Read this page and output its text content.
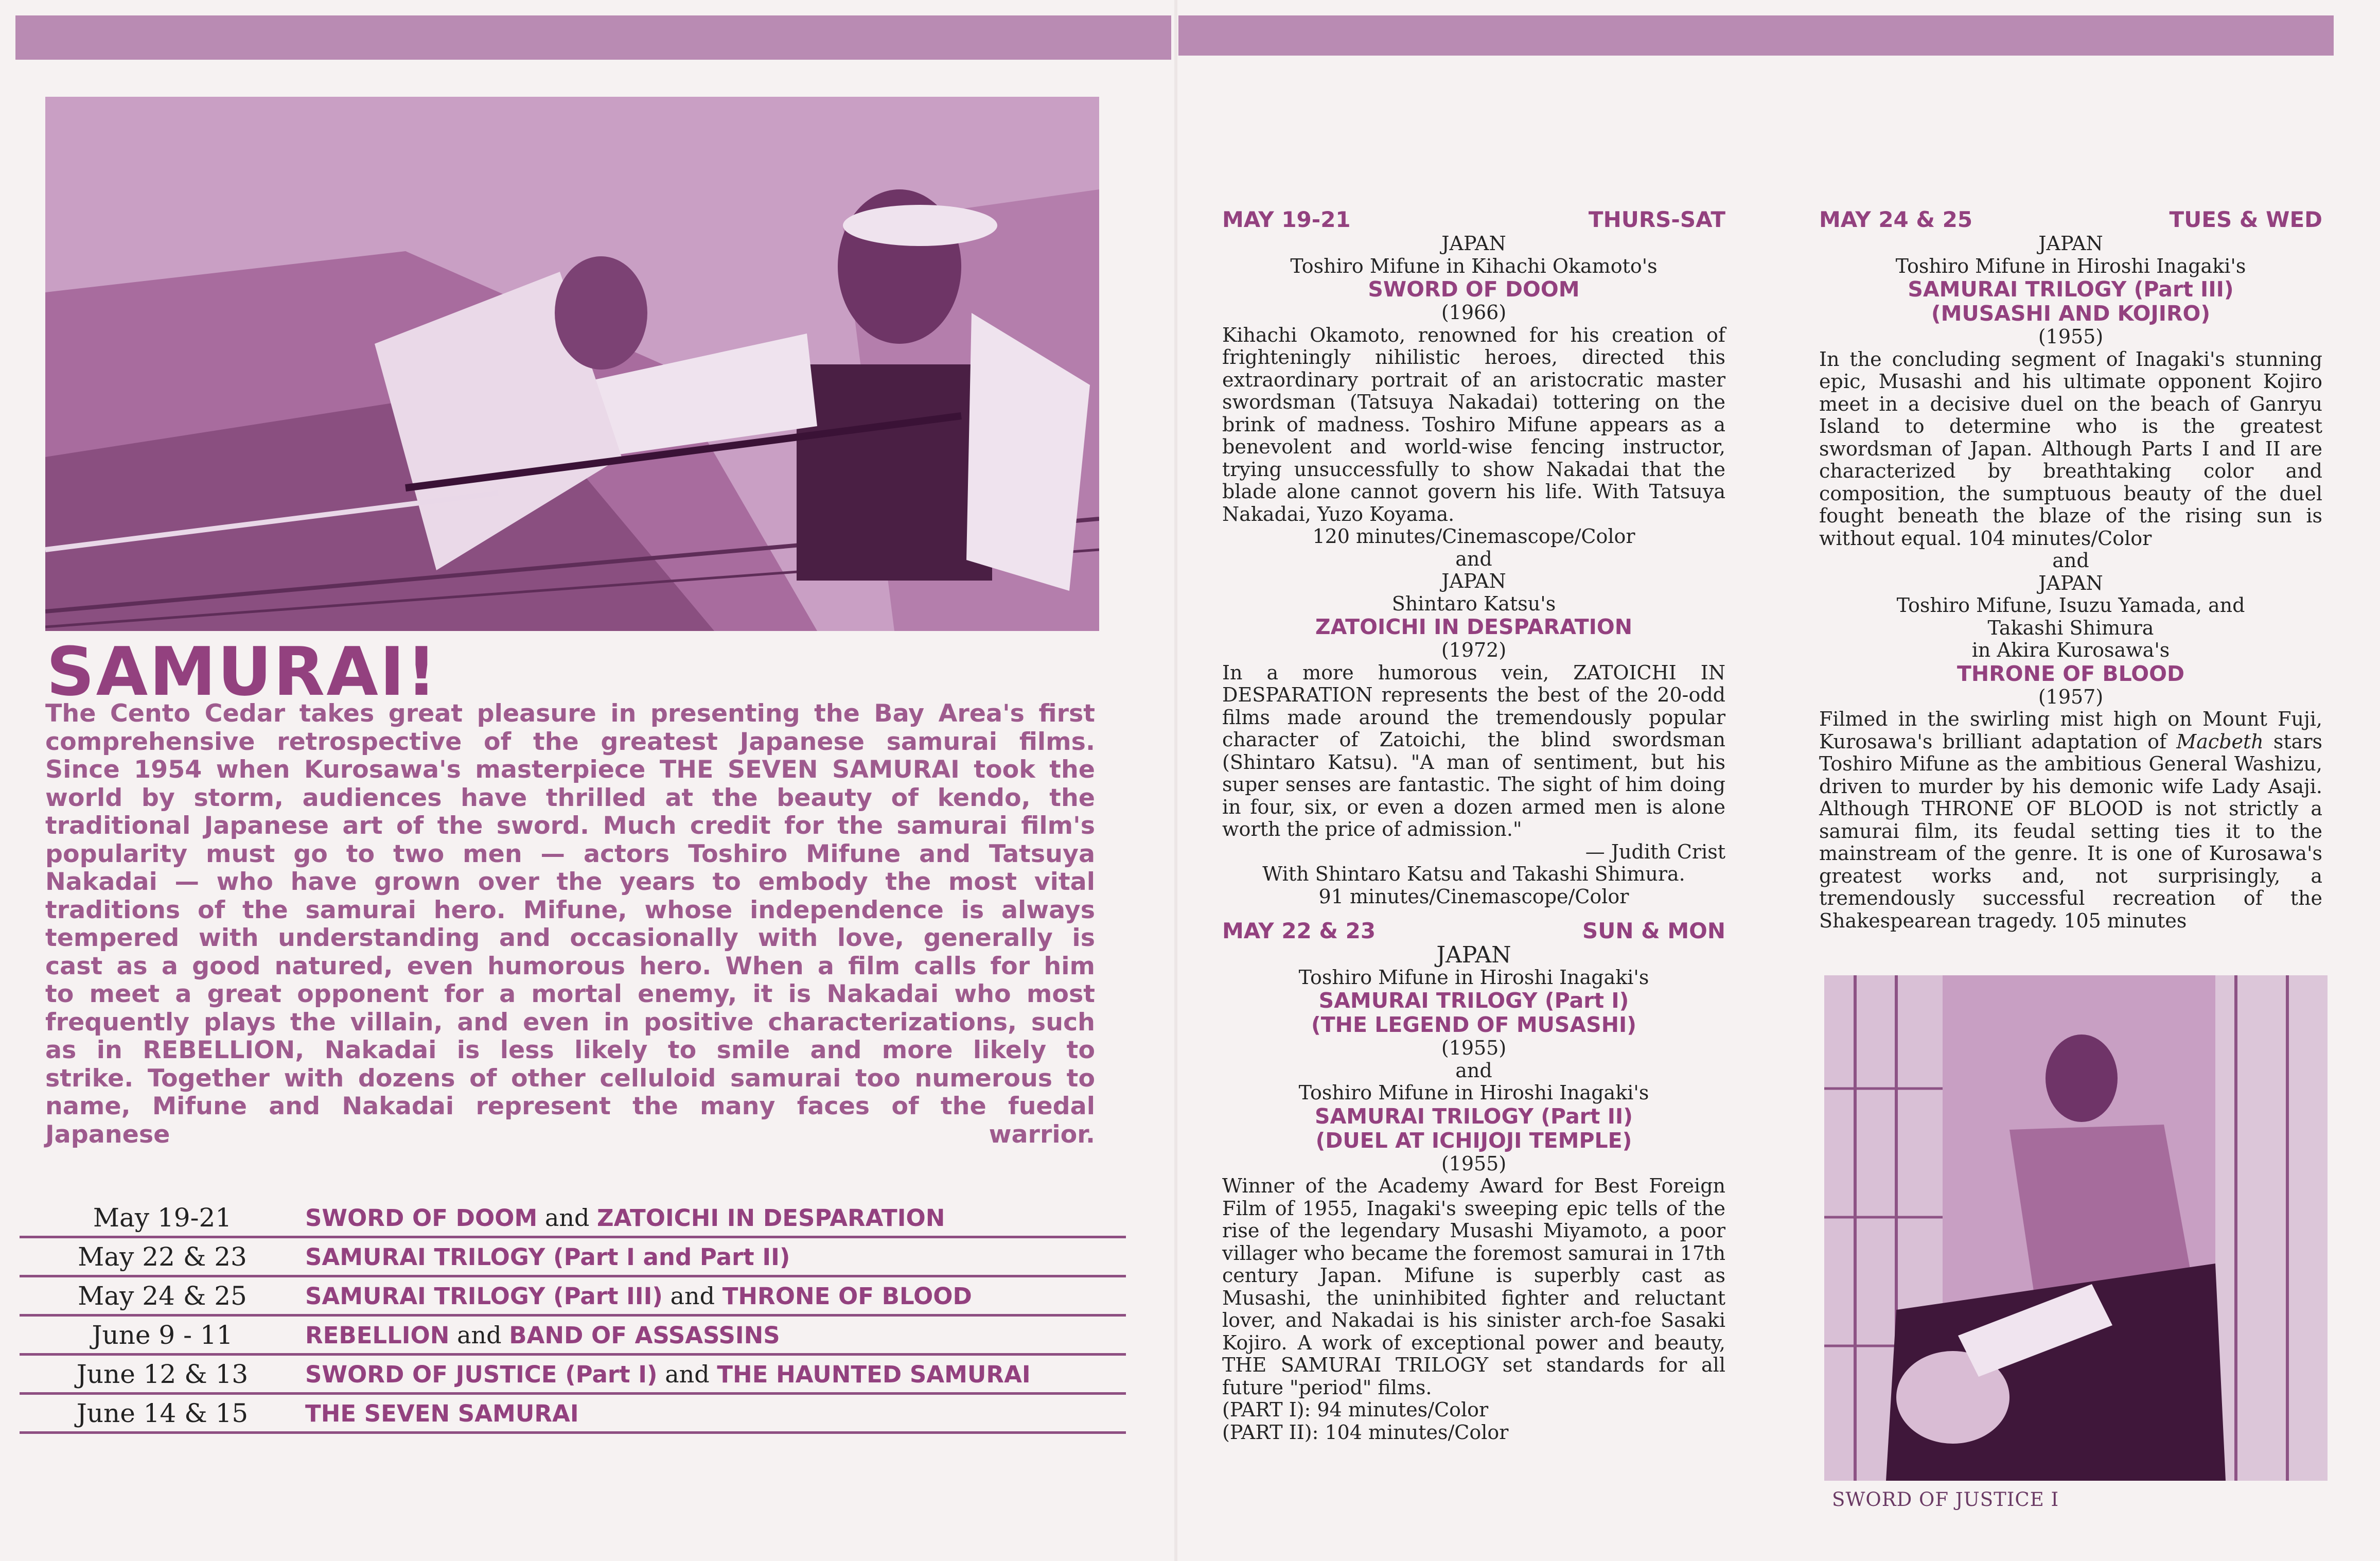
SAMURAI!

The Cento Cedar takes great pleasure in presenting the Bay Area's first
comprehensive retrospective of the greatest Japanese samurai films.
Since 1954 when Kurosawa's masterpiece THE SEVEN SAMURAI took the
world by storm, audiences have thrilled at the beauty of kendo, the
traditional Japanese art of the sword. Much credit for the samurai film's
popularity must go to two men — actors Toshiro Mifune and Tatsuya
Nakadai — who have grown over the years to embody the most vital
traditions of the samurai hero. Mifune, whose independence is always
tempered with understanding and occasionally with love, generally is
cast as a good natured, even humorous hero. When a film calls for him
to meet a great opponent for a mortal enemy, it is Nakadai who most
frequently plays the villain, and even in positive characterizations, such
as in REBELLION, Nakadai is less likely to smile and more likely to
strike. Together with dozens of other celluloid samurai too numerous to
name, Mifune and Nakadai represent the many faces of the fuedal
Japanese warrior.

May 19-21	SWORD OF DOOM and ZATOICHI IN DESPARATION
May 22 & 23	SAMURAI TRILOGY (Part I and Part II)
May 24 & 25	SAMURAI TRILOGY (Part III) and THRONE OF BLOOD
June 9 - 11	REBELLION and BAND OF ASSASSINS
June 12 & 13	SWORD OF JUSTICE (Part I) and THE HAUNTED SAMURAI
June 14 & 15	THE SEVEN SAMURAI
MAY 19-21	THURS-SAT

JAPAN

Toshiro Mifune in Kihachi Okamoto's

SWORD OF DOOM

(1966)

Kihachi Okamoto, renowned for his creation of frighteningly nihilistic heroes, directed this extraordinary portrait of an aristocratic master swordsman (Tatsuya Nakadai) tottering on the brink of madness. Toshiro Mifune appears as a benevolent and world-wise fencing instructor, trying unsuccessfully to show Nakadai that the blade alone cannot govern his life. With Tatsuya Nakadai, Yuzo Koyama.

120 minutes/Cinemascope/Color

and

JAPAN

Shintaro Katsu's

ZATOICHI IN DESPARATION

(1972)

In a more humorous vein, ZATOICHI IN DESPARATION represents the best of the 20-odd films made around the tremendously popular character of Zatoichi, the blind swordsman (Shintaro Katsu). "A man of sentiment, but his super senses are fantastic. The sight of him doing in four, six, or even a dozen armed men is alone worth the price of admission."

— Judith Crist

With Shintaro Katsu and Takashi Shimura.

91 minutes/Cinemascope/Color

MAY 22 & 23	SUN & MON

JAPAN

Toshiro Mifune in Hiroshi Inagaki's

SAMURAI TRILOGY (Part I)

(THE LEGEND OF MUSASHI)

(1955)

and

Toshiro Mifune in Hiroshi Inagaki's

SAMURAI TRILOGY (Part II)

(DUEL AT ICHIJOJI TEMPLE)

(1955)

Winner of the Academy Award for Best Foreign Film of 1955, Inagaki's sweeping epic tells of the rise of the legendary Musashi Miyamoto, a poor villager who became the foremost samurai in 17th century Japan. Mifune is superbly cast as Musashi, the uninhibited fighter and reluctant lover, and Nakadai is his sinister arch-foe Sasaki Kojiro. A work of exceptional power and beauty, THE SAMURAI TRILOGY set standards for all future "period" films.

(PART I): 94 minutes/Color

(PART II): 104 minutes/Color

MAY 24 & 25	TUES & WED

JAPAN

Toshiro Mifune in Hiroshi Inagaki's

SAMURAI TRILOGY (Part III)

(MUSASHI AND KOJIRO)

(1955)

In the concluding segment of Inagaki's stunning epic, Musashi and his ultimate opponent Kojiro meet in a decisive duel on the beach of Ganryu Island to determine who is the greatest swordsman of Japan. Although Parts I and II are characterized by breathtaking color and composition, the sumptuous beauty of the duel fought beneath the blaze of the rising sun is without equal. 104 minutes/Color

and

JAPAN

Toshiro Mifune, Isuzu Yamada, and

Takashi Shimura

in Akira Kurosawa's

THRONE OF BLOOD

(1957)

Filmed in the swirling mist high on Mount Fuji, Kurosawa's brilliant adaptation of Macbeth stars Toshiro Mifune as the ambitious General Washizu, driven to murder by his demonic wife Lady Asaji. Although THRONE OF BLOOD is not strictly a samurai film, its feudal setting ties it to the mainstream of the genre. It is one of Kurosawa's greatest works and, not surprisingly, a tremendously successful recreation of the Shakespearean tragedy. 105 minutes

SWORD OF JUSTICE I
